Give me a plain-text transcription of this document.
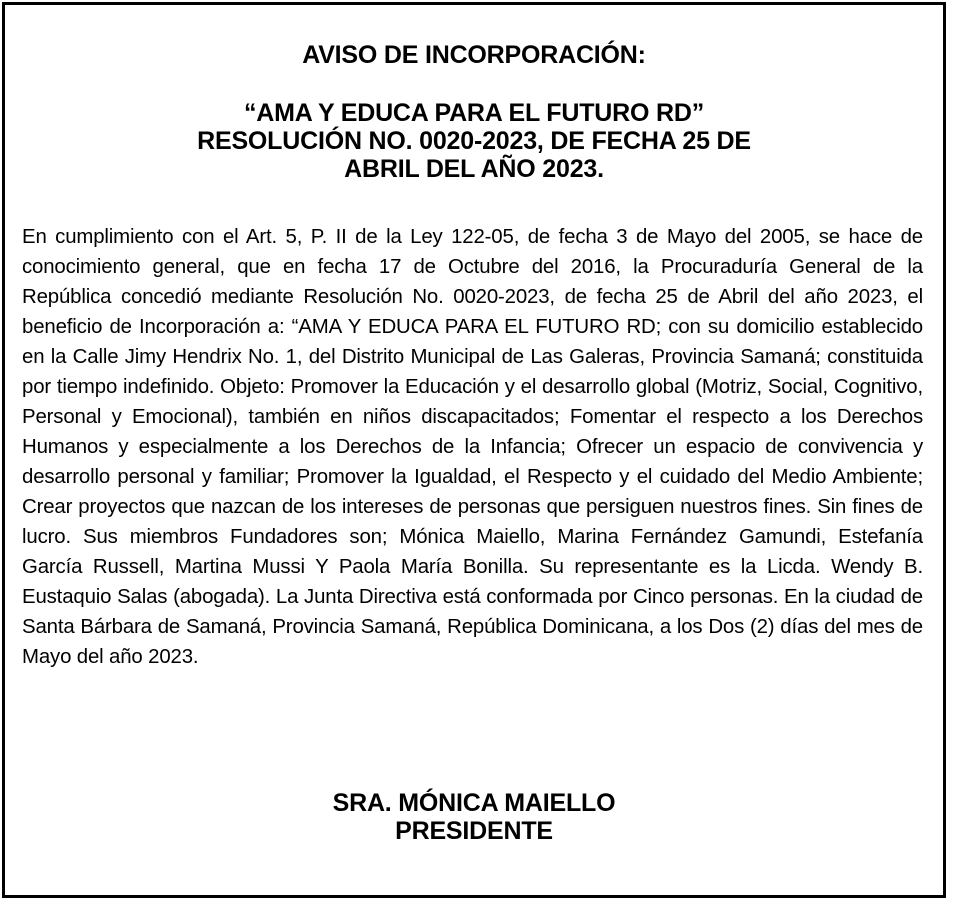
AVISO DE INCORPORACIÓN:
“AMA Y EDUCA PARA EL FUTURO RD”
RESOLUCIÓN NO. 0020-2023, DE FECHA 25 DE
ABRIL DEL AÑO 2023.
En cumplimiento con el Art. 5, P. II de la Ley 122-05, de fecha 3 de Mayo del 2005, se hace de conocimiento general, que en fecha 17 de Octubre del 2016, la Procuraduría General de la República concedió mediante Resolución No. 0020-2023, de fecha 25 de Abril del año 2023, el beneficio de Incorporación a: “AMA Y EDUCA PARA EL FUTURO RD; con su domicilio establecido en la Calle Jimy Hendrix No. 1, del Distrito Municipal de Las Galeras, Provincia Samaná; constituida por tiempo indefinido. Objeto: Promover la Educación y el desarrollo global (Motriz, Social, Cognitivo, Personal y Emocional), también en niños discapacitados; Fomentar el respecto a los Derechos Humanos y especialmente a los Derechos de la Infancia; Ofrecer un espacio de convivencia y desarrollo personal y familiar; Promover la Igualdad, el Respecto y el cuidado del Medio Ambiente; Crear proyectos que nazcan de los intereses de personas que persiguen nuestros fines. Sin fines de lucro. Sus miembros Fundadores son; Mónica Maiello, Marina Fernández Gamundi, Estefanía García Russell, Martina Mussi Y Paola María Bonilla. Su representante es la Licda. Wendy B. Eustaquio Salas (abogada). La Junta Directiva está conformada por Cinco personas. En la ciudad de Santa Bárbara de Samaná, Provincia Samaná, República Dominicana, a los Dos (2) días del mes de Mayo del año 2023.
SRA. MÓNICA MAIELLO
PRESIDENTE
